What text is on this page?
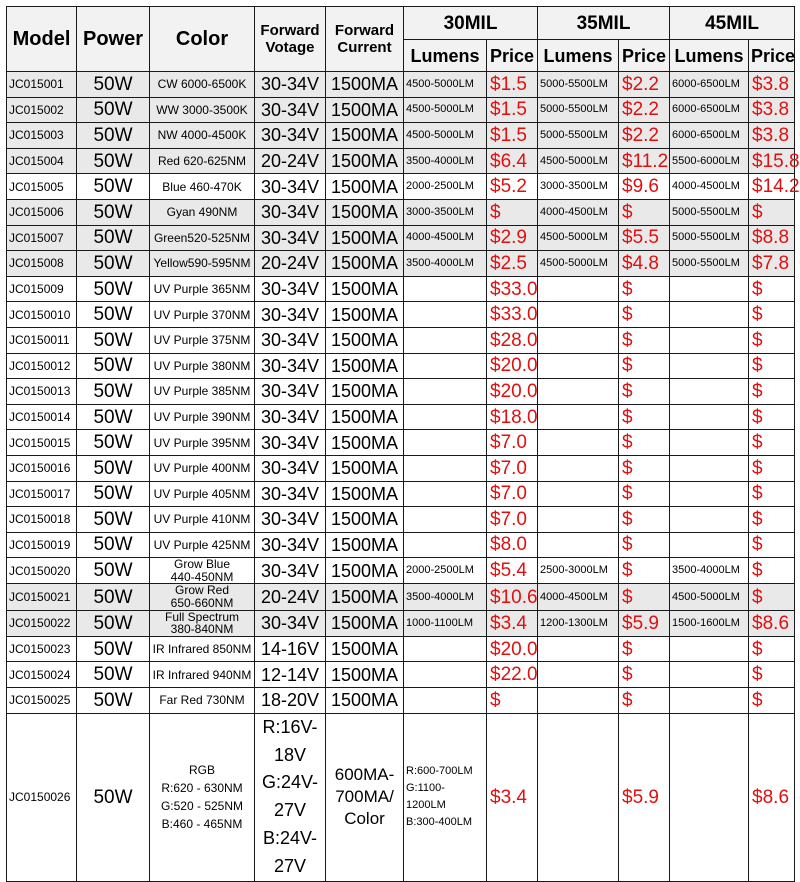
Model	Power	Color	Forward Votage	Forward Current	30MIL		35MIL		45MIL	
					Lumens	Price	Lumens	Price	Lumens	Price
JC015001	50W	CW 6000-6500K	30-34V	1500MA	4500-5000LM	$1.5	5000-5500LM	$2.2	6000-6500LM	$3.8
JC015002	50W	WW 3000-3500K	30-34V	1500MA	4500-5000LM	$1.5	5000-5500LM	$2.2	6000-6500LM	$3.8
JC015003	50W	NW 4000-4500K	30-34V	1500MA	4500-5000LM	$1.5	5000-5500LM	$2.2	6000-6500LM	$3.8
JC015004	50W	Red 620-625NM	20-24V	1500MA	3500-4000LM	$6.4	4500-5000LM	$11.2	5500-6000LM	$15.8
JC015005	50W	Blue 460-470K	30-34V	1500MA	2000-2500LM	$5.2	3000-3500LM	$9.6	4000-4500LM	$14.2
JC015006	50W	Gyan 490NM	30-34V	1500MA	3000-3500LM	$	4000-4500LM	$	5000-5500LM	$
JC015007	50W	Green520-525NM	30-34V	1500MA	4000-4500LM	$2.9	4500-5000LM	$5.5	5000-5500LM	$8.8
JC015008	50W	Yellow590-595NM	20-24V	1500MA	3500-4000LM	$2.5	4500-5000LM	$4.8	5000-5500LM	$7.8
JC015009	50W	UV Purple 365NM	30-34V	1500MA		$33.0		$		$
JC0150010	50W	UV Purple 370NM	30-34V	1500MA		$33.0		$		$
JC0150011	50W	UV Purple 375NM	30-34V	1500MA		$28.0		$		$
JC0150012	50W	UV Purple 380NM	30-34V	1500MA		$20.0		$		$
JC0150013	50W	UV Purple 385NM	30-34V	1500MA		$20.0		$		$
JC0150014	50W	UV Purple 390NM	30-34V	1500MA		$18.0		$		$
JC0150015	50W	UV Purple 395NM	30-34V	1500MA		$7.0		$		$
JC0150016	50W	UV Purple 400NM	30-34V	1500MA		$7.0		$		$
JC0150017	50W	UV Purple 405NM	30-34V	1500MA		$7.0		$		$
JC0150018	50W	UV Purple 410NM	30-34V	1500MA		$7.0		$		$
JC0150019	50W	UV Purple 425NM	30-34V	1500MA		$8.0		$		$
JC0150020	50W	Grow Blue
440-450NM	30-34V	1500MA	2000-2500LM	$5.4	2500-3000LM	$	3500-4000LM	$
JC0150021	50W	Grow Red
650-660NM	20-24V	1500MA	3500-4000LM	$10.6	4000-4500LM	$	4500-5000LM	$
JC0150022	50W	Full Spectrum
380-840NM	30-34V	1500MA	1000-1100LM	$3.4	1200-1300LM	$5.9	1500-1600LM	$8.6
JC0150023	50W	IR Infrared 850NM	14-16V	1500MA		$20.0		$		$
JC0150024	50W	IR Infrared 940NM	12-14V	1500MA		$22.0		$		$
JC0150025	50W	Far Red 730NM	18-20V	1500MA		$		$		$
JC0150026	50W	RGB
R:620 - 630NM
G:520 - 525NM
B:460 - 465NM	R:16V-18V
G:24V-27V
B:24V-27V	600MA-
700MA/
Color	R:600-700LM
G:1100-1200LM
B:300-400LM	$3.4		$5.9		$8.6
